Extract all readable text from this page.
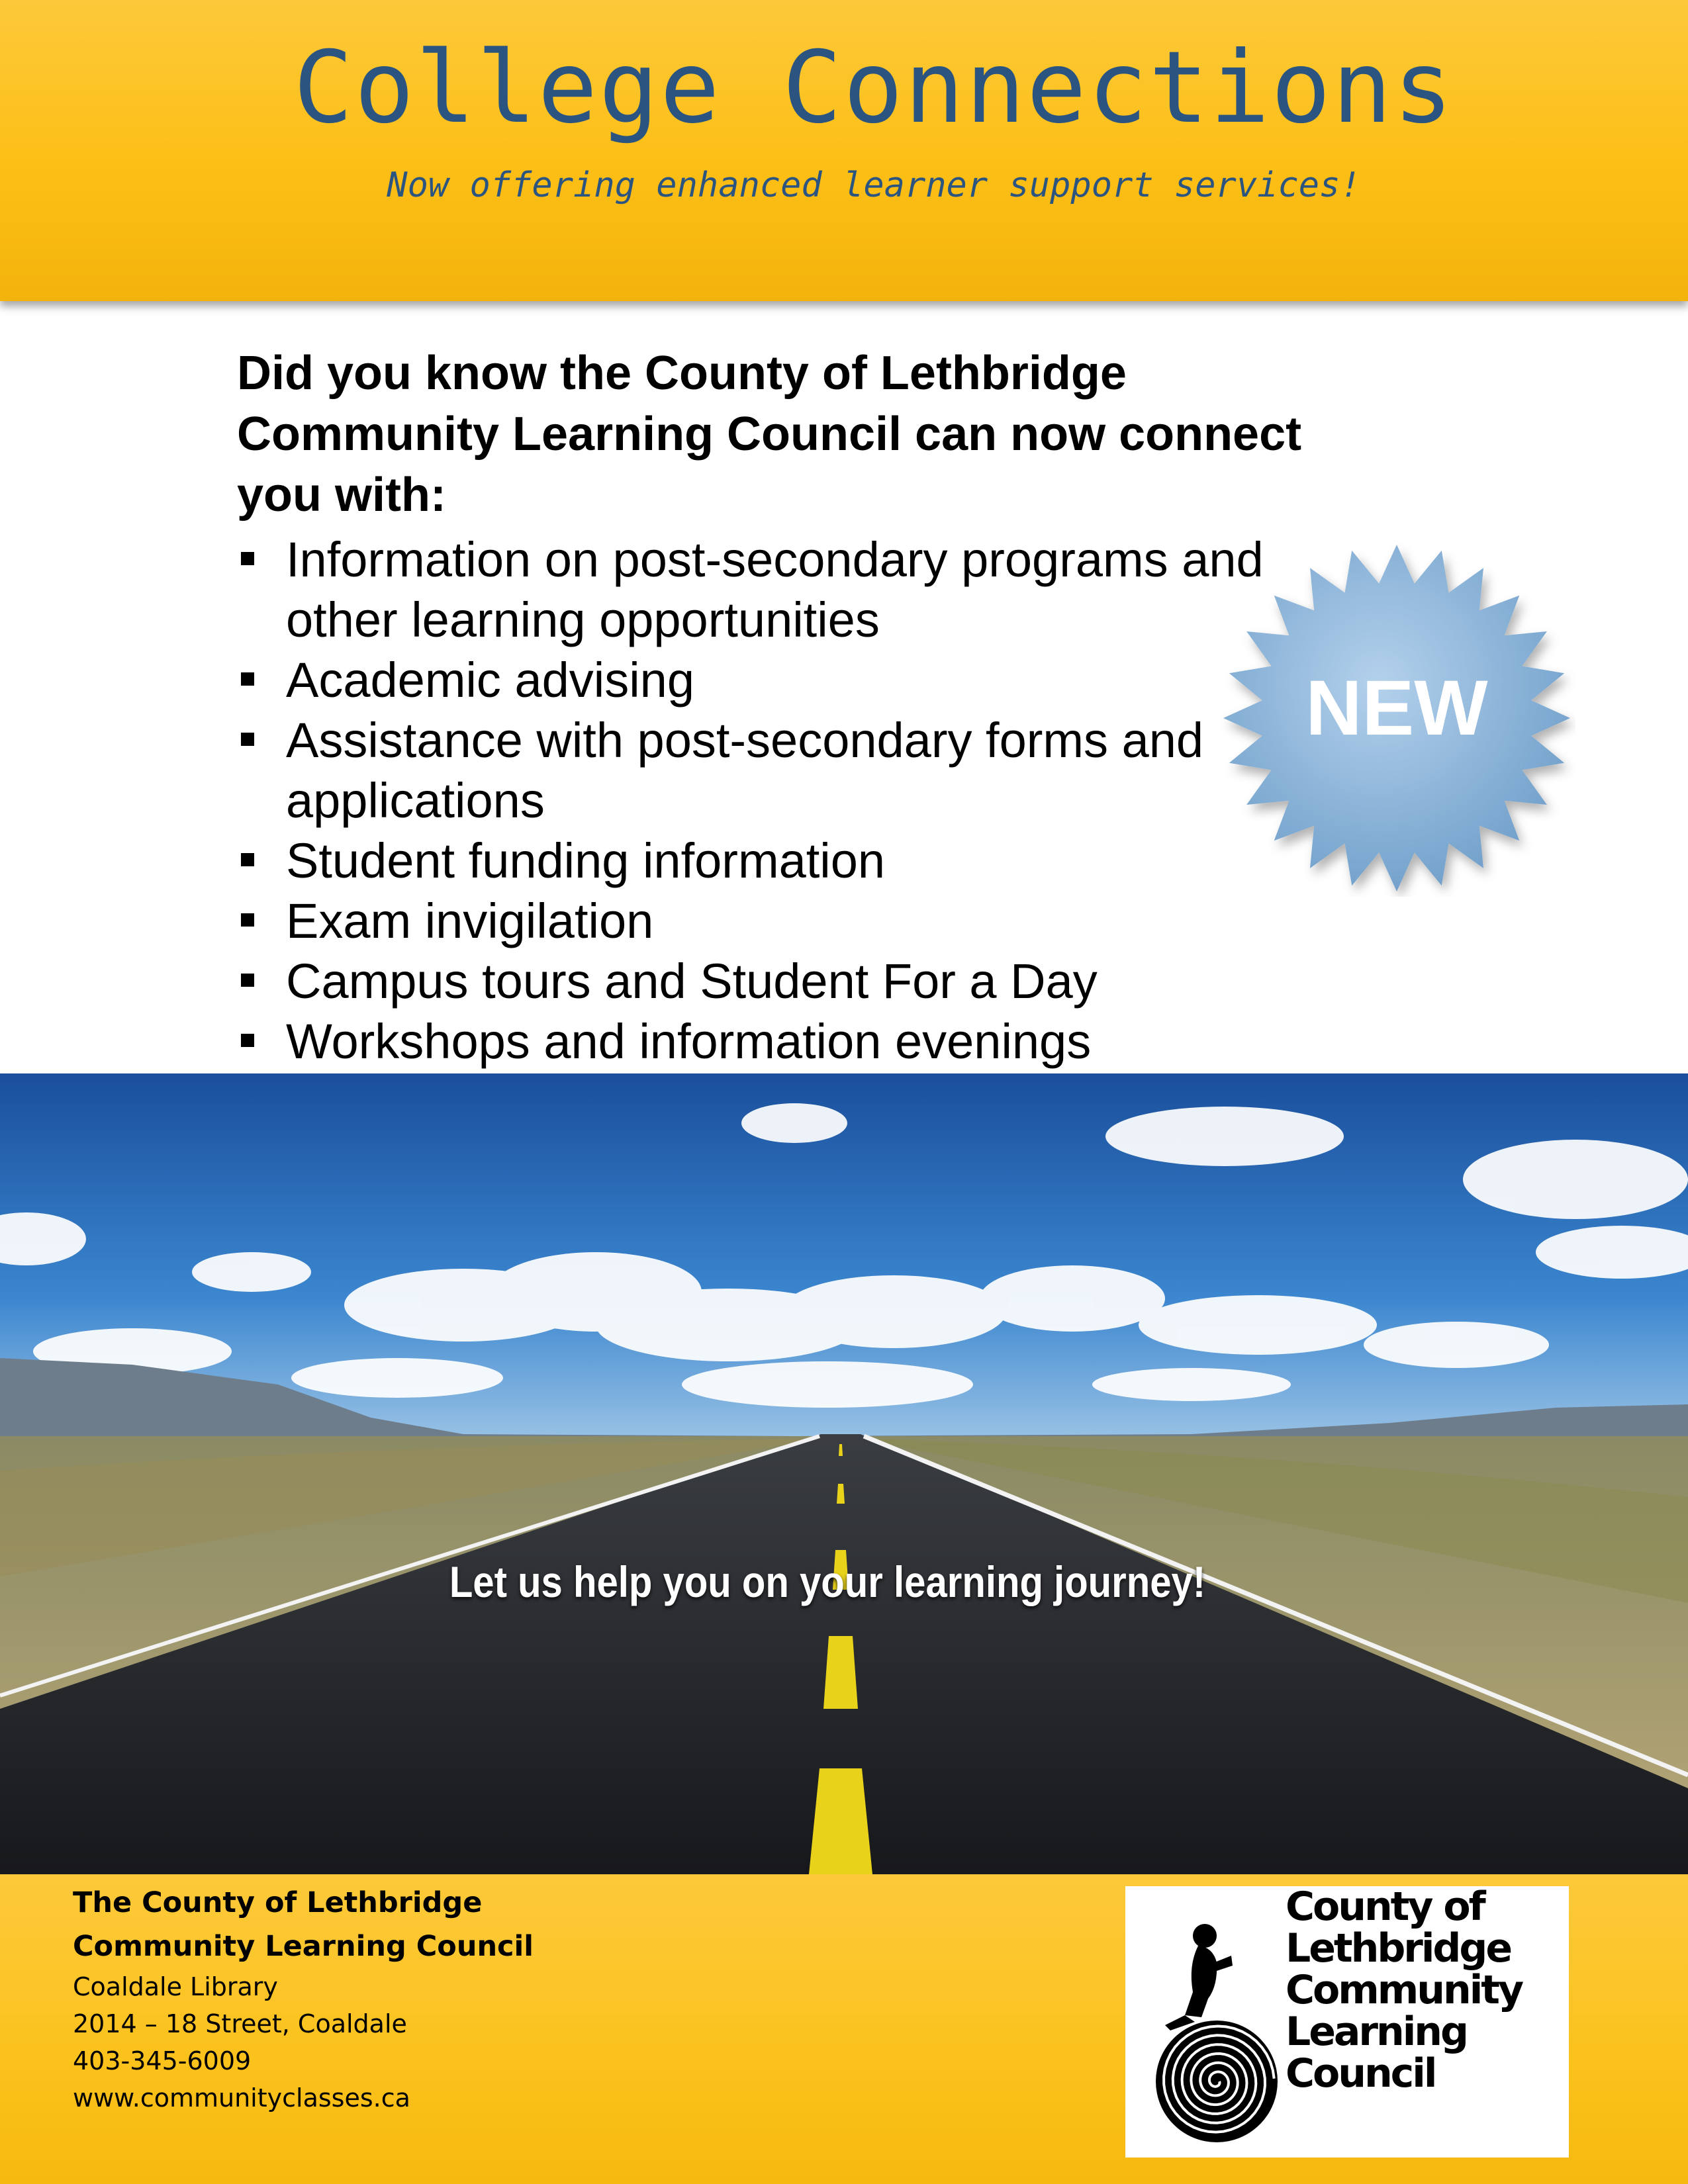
College Connections
Now offering enhanced learner support services!

Did you know the County of Lethbridge Community Learning Council can now connect you with:

Information on post-secondary programs and other learning opportunities
Academic advising
Assistance with post-secondary forms and applications
Student funding information
Exam invigilation
Campus tours and Student For a Day
Workshops and information evenings
NEW
Let us help you on your learning journey!
The County of Lethbridge Community Learning Council
Coaldale Library
2014 – 18 Street, Coaldale
403-345-6009
www.communityclasses.ca
County of
Lethbridge
Community
Learning
Council
